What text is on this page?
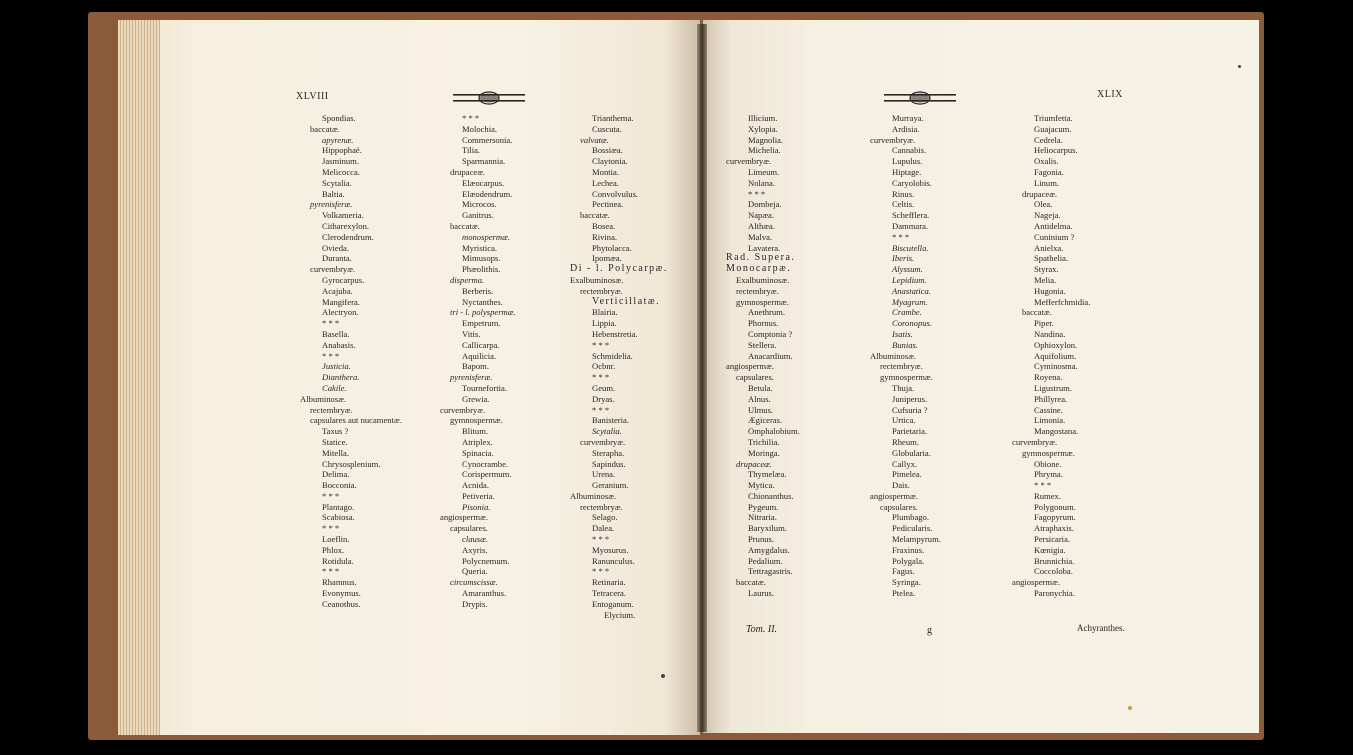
XLVIII	XLIX
Spondias.
baccatæ.
apyrenæ.
Hippophaë.
Jasminum.
Melicocca.
Scytalia.
Baltia.
pyrenisferæ.
Volkameria.
Citharexylon.
Clerodendrum.
Ovieda.
Duranta.
curvembryæ.
Gyrocarpus.
Acajuba.
Mangifera.
Alectryon.
* * *
Basella.
Anabasis.
* * *
Justicia.
Dianthera.
Cakile.
Albuminosæ.
rectembryæ.
capsulares aut nucamentæ.
Taxus ?
Statice.
Mitella.
Chrysosplenium.
Delima.
Bocconia.
* * *
Plantago.
Scabiosa.
* * *
Loeflin.
Phlox.
Rotidula.
* * *
Rhamnus.
Evonymus.
Ceanothus.
* * *
Molochia.
Commersonia.
Tilia.
Sparmannia.
drupaceæ.
Elæocarpus.
Elæodendrum.
Microcos.
Ganitrus.
baccatæ.
monospermæ.
Myristica.
Mimusops.
Phæolithis.
disperma.
Berberis.
Nyctanthes.
tri - l. polyspermæ.
Empetrum.
Vitis.
Callicarpa.
Aquilicia.
Bapom.
pyrenisferæ.
Tournefortia.
Grewia.
curvembryæ.
gymnospermæ.
Blitum.
Atriplex.
Spinacia.
Cynocrambe.
Corispermum.
Acnida.
Petiveria.
Pisonia.
angiospermæ.
capsulares.
clausæ.
Axyris.
Polycnemum.
Queria.
circumscissæ.
Amaranthus.
Drypis.
Trianthema.
Cuscuta.
valvatæ.
Bossiæa.
Claytonia.
Montia.
Lechea.
Convolvulus.
Pectinea.
baccatæ.
Bosea.
Rivina.
Phytolacca.
Ipomæa.
Di - l. Polycarpæ.
Exalbuminosæ.
rectembryæ.
Verticillatæ.
Blairia.
Lippia.
Hebenstretia.
* * *
Schmidelia.
Ocbnr.
* * *
Geum.
Dryas.
* * *
Banisteria.
Scytalia.
curvembryæ.
Sterapha.
Sapindus.
Urena.
Geranium.
Albuminosæ.
rectembryæ.
Selago.
Dalea.
* * *
Myosurus.
Ranunculus.
* * *
Retinaria.
Tetracera.
Entoganum.
Elycium.
Illicium.
Xylopia.
Magnolia.
Michelia.
curvembryæ.
Limeum.
Nolana.
* * *
Dombeja.
Napæa.
Althæa.
Malva.
Lavatera.
Rad. Supera.
Monocarpæ.
Exalbuminosæ.
rectembryæ.
gymnospermæ.
Anethrum.
Phornus.
Comptonia ?
Stellera.
Anacardium.
angiospermæ.
capsulares.
Betula.
Alnus.
Ulmus.
Ægiceras.
Omphalobium.
Trichilia.
Moringa.
drupaceæ.
Thymelæa.
Mytica.
Chionanthus.
Pygeum.
Nitraria.
Baryxilum.
Prunus.
Amygdalus.
Pedalium.
Tettragastris.
baccatæ.
Laurus.
Murraya.
Ardisia.
curvembryæ.
Cannabis.
Lupulus.
Hiptage.
Caryolobis.
Rinus.
Celtis.
Schefflera.
Dammara.
* * *
Biscutella.
Iberis.
Alyssum.
Lepidium.
Anastatica.
Myagrum.
Crambe.
Coronopus.
Isatis.
Bunias.
Albuminosæ.
rectembryæ.
gymnospermæ.
Thuja.
Juniperus.
Cufsuria ?
Urtica.
Parietaria.
Rheum.
Globularia.
Callyx.
Pimelea.
Dais.
angiospermæ.
capsulares.
Plumbago.
Pedicularis.
Melampyrum.
Fraxinus.
Polygala.
Fagus.
Syringa.
Ptelea.
Triumfetta.
Guajacum.
Cedrela.
Heliocarpus.
Oxalis.
Fagonia.
Linum.
drupaceæ.
Olea.
Nageja.
Antidelma.
Cuninium ?
Anielxa.
Spathelia.
Styrax.
Melia.
Hugonia.
Mefferfchmidia.
baccatæ.
Piper.
Nandina.
Ophioxylon.
Aquifolium.
Cyminosma.
Royena.
Ligustrum.
Phillyrea.
Cassine.
Limonia.
Mangostana.
curvembryæ.
gymnospermæ.
Obione.
Phryma.
* * *
Rumex.
Polygonum.
Fagopyrum.
Atraphaxis.
Persicaria.
Kœnigia.
Brunnichia.
Coccoloba.
angiospermæ.
Paronychia.
Tom. II.	g	Achyranthes.
